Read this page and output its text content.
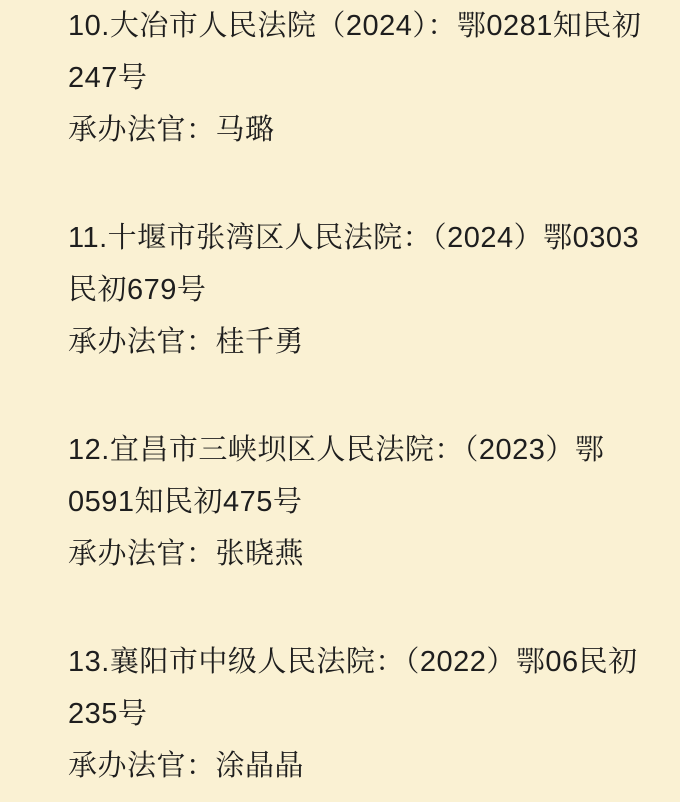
10.大冶市人民法院（2024）：鄂0281知民初

247号

承办法官：马璐

11.十堰市张湾区人民法院：（2024）鄂0303

民初679号

承办法官：桂千勇

12.宜昌市三峡坝区人民法院：（2023）鄂

0591知民初475号

承办法官：张晓燕

13.襄阳市中级人民法院：（2022）鄂06民初

235号

承办法官：涂晶晶
